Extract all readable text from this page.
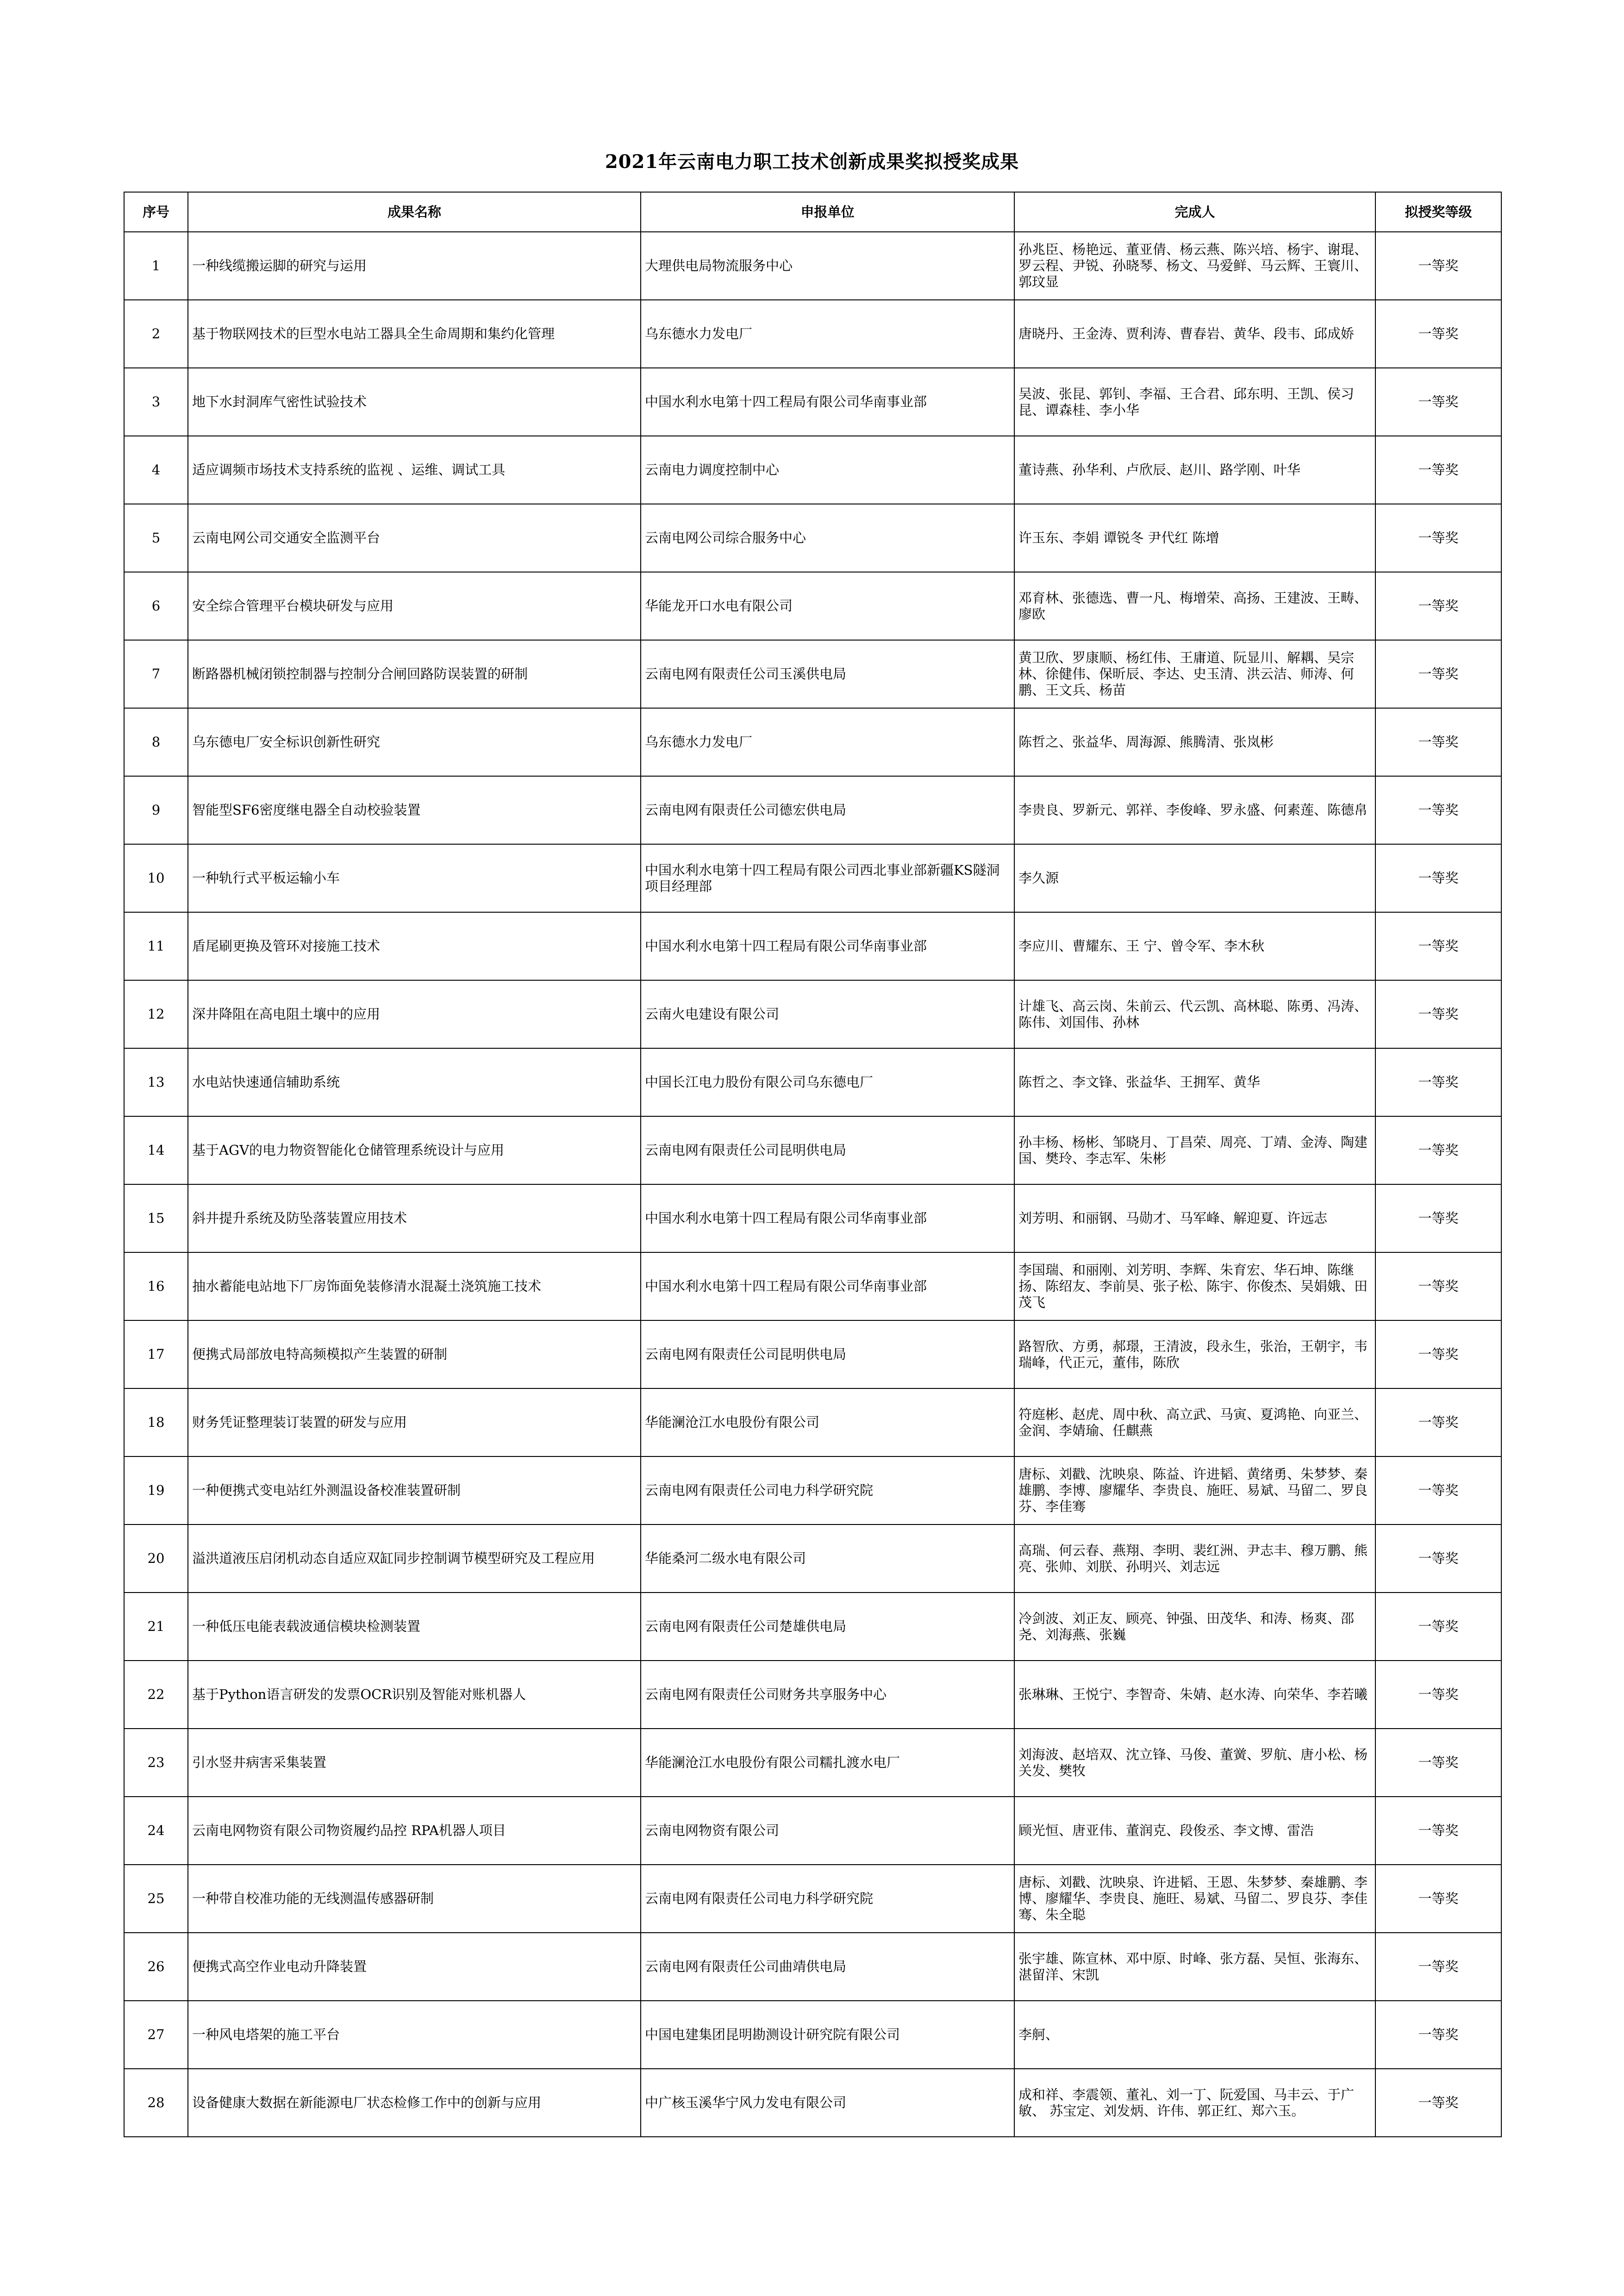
2021年云南电力职工技术创新成果奖拟授奖成果
序号	成果名称	申报单位	完成人	拟授奖等级
1	一种线缆搬运脚的研究与运用	大理供电局物流服务中心	孙兆臣、杨艳远、董亚倩、杨云燕、陈兴培、杨宇、谢琨、罗云程、尹锐、孙晓琴、杨文、马爱鲜、马云辉、王寰川、郭玟显	一等奖
2	基于物联网技术的巨型水电站工器具全生命周期和集约化管理	乌东德水力发电厂	唐晓丹、王金涛、贾利涛、曹春岩、黄华、段韦、邱成娇	一等奖
3	地下水封洞库气密性试验技术	中国水利水电第十四工程局有限公司华南事业部	吴波、张昆、郭钊、李福、王合君、邱东明、王凯、侯习昆、谭森桂、李小华	一等奖
4	适应调频市场技术支持系统的监视 、运维、调试工具	云南电力调度控制中心	董诗燕、孙华利、卢欣辰、赵川、路学刚、叶华	一等奖
5	云南电网公司交通安全监测平台	云南电网公司综合服务中心	许玉东、李娟 谭锐冬 尹代红 陈增	一等奖
6	安全综合管理平台模块研发与应用	华能龙开口水电有限公司	邓育林、张德选、曹一凡、梅增荣、高扬、王建波、王畴、廖欧	一等奖
7	断路器机械闭锁控制器与控制分合闸回路防误装置的研制	云南电网有限责任公司玉溪供电局	黄卫欣、罗康顺、杨红伟、王庸道、阮显川、解耦、吴宗林、徐健伟、保昕辰、李达、史玉清、洪云洁、师涛、何鹏、王文兵、杨苗	一等奖
8	乌东德电厂安全标识创新性研究	乌东德水力发电厂	陈哲之、张益华、周海源、熊腾清、张岚彬	一等奖
9	智能型SF6密度继电器全自动校验装置	云南电网有限责任公司德宏供电局	李贵良、罗新元、郭祥、李俊峰、罗永盛、何素莲、陈德帛	一等奖
10	一种轨行式平板运输小车	中国水利水电第十四工程局有限公司西北事业部新疆KS隧洞项目经理部	李久源	一等奖
11	盾尾刷更换及管环对接施工技术	中国水利水电第十四工程局有限公司华南事业部	李应川、曹耀东、王 宁、曾令军、李木秋	一等奖
12	深井降阻在高电阻土壤中的应用	云南火电建设有限公司	计雄飞、高云岗、朱前云、代云凯、高林聪、陈勇、冯涛、陈伟、刘国伟、孙林	一等奖
13	水电站快速通信辅助系统	中国长江电力股份有限公司乌东德电厂	陈哲之、李文锋、张益华、王拥军、黄华	一等奖
14	基于AGV的电力物资智能化仓储管理系统设计与应用	云南电网有限责任公司昆明供电局	孙丰杨、杨彬、邹晓月、丁昌荣、周亮、丁靖、金涛、陶建国、樊玲、李志军、朱彬	一等奖
15	斜井提升系统及防坠落装置应用技术	中国水利水电第十四工程局有限公司华南事业部	刘芳明、和丽钢、马勋才、马军峰、解迎夏、许远志	一等奖
16	抽水蓄能电站地下厂房饰面免装修清水混凝土浇筑施工技术	中国水利水电第十四工程局有限公司华南事业部	李国瑞、和丽刚、刘芳明、李辉、朱育宏、华石坤、陈继扬、陈绍友、李前昊、张子松、陈宇、你俊杰、吴娟娥、田茂飞	一等奖
17	便携式局部放电特高频模拟产生装置的研制	云南电网有限责任公司昆明供电局	路智欣、方勇，郝璟，王清波，段永生，张治，王朝宇，韦瑞峰，代正元，董伟，陈欣	一等奖
18	财务凭证整理装订装置的研发与应用	华能澜沧江水电股份有限公司	符庭彬、赵虎、周中秋、高立武、马寅、夏鸿艳、向亚兰、金润、李婧瑜、任麒燕	一等奖
19	一种便携式变电站红外测温设备校准装置研制	云南电网有限责任公司电力科学研究院	唐标、刘戳、沈映泉、陈益、许进韬、黄绪勇、朱梦梦、秦雄鹏、李博、廖耀华、李贵良、施旺、易斌、马留二、罗良芬、李佳骞	一等奖
20	溢洪道液压启闭机动态自适应双缸同步控制调节模型研究及工程应用	华能桑河二级水电有限公司	高瑞、何云春、燕翔、李明、裴红洲、尹志丰、穆万鹏、熊亮、张帅、刘朕、孙明兴、刘志远	一等奖
21	一种低压电能表载波通信模块检测装置	云南电网有限责任公司楚雄供电局	冷剑波、刘正友、顾亮、钟强、田茂华、和涛、杨爽、邵尧、刘海燕、张巍	一等奖
22	基于Python语言研发的发票OCR识别及智能对账机器人	云南电网有限责任公司财务共享服务中心	张琳琳、王悦宁、李智奇、朱婧、赵水涛、向荣华、李若曦	一等奖
23	引水竖井病害采集装置	华能澜沧江水电股份有限公司糯扎渡水电厂	刘海波、赵培双、沈立锋、马俊、董黉、罗航、唐小松、杨关发、樊牧	一等奖
24	云南电网物资有限公司物资履约品控 RPA机器人项目	云南电网物资有限公司	顾光恒、唐亚伟、董润克、段俊丞、李文博、雷浩	一等奖
25	一种带自校准功能的无线测温传感器研制	云南电网有限责任公司电力科学研究院	唐标、刘戳、沈映泉、许进韬、王恩、朱梦梦、秦雄鹏、李博、廖耀华、李贵良、施旺、易斌、马留二、罗良芬、李佳骞、朱全聪	一等奖
26	便携式高空作业电动升降装置	云南电网有限责任公司曲靖供电局	张宇雄、陈宣林、邓中原、时峰、张方磊、吴恒、张海东、湛留洋、宋凯	一等奖
27	一种风电塔架的施工平台	中国电建集团昆明勘测设计研究院有限公司	李舸、	一等奖
28	设备健康大数据在新能源电厂状态检修工作中的创新与应用	中广核玉溪华宁风力发电有限公司	成和祥、李震领、董礼、刘一丁、阮爱国、马丰云、于广敏、 苏宝定、刘发炳、许伟、郭正红、郑六玉。	一等奖
